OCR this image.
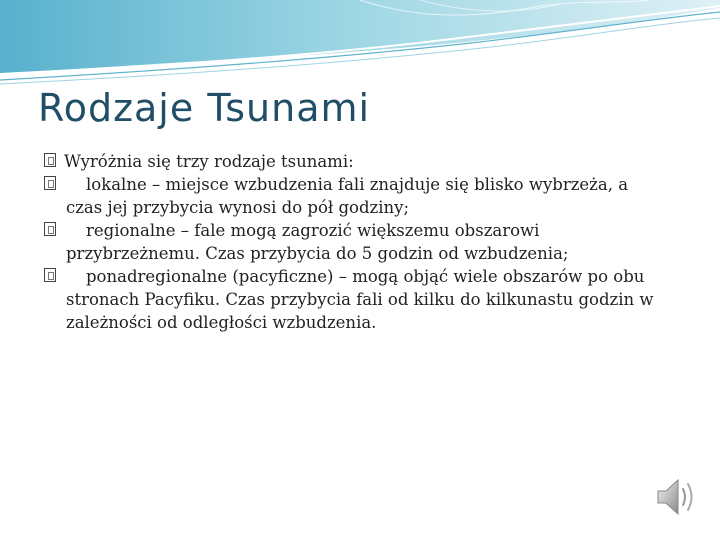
Rodzaje Tsunami

Wyróżnia się trzy rodzaje tsunami:

lokalne – miejsce wzbudzenia fali znajduje się blisko wybrzeża, a
czas jej przybycia wynosi do pół godziny;
regionalne – fale mogą zagrozić większemu obszarowi
przybrzeżnemu. Czas przybycia do 5 godzin od wzbudzenia;
ponadregionalne (pacyficzne) – mogą objąć wiele obszarów po obu
stronach Pacyfiku. Czas przybycia fali od kilku do kilkunastu godzin w
zależności od odległości wzbudzenia.
